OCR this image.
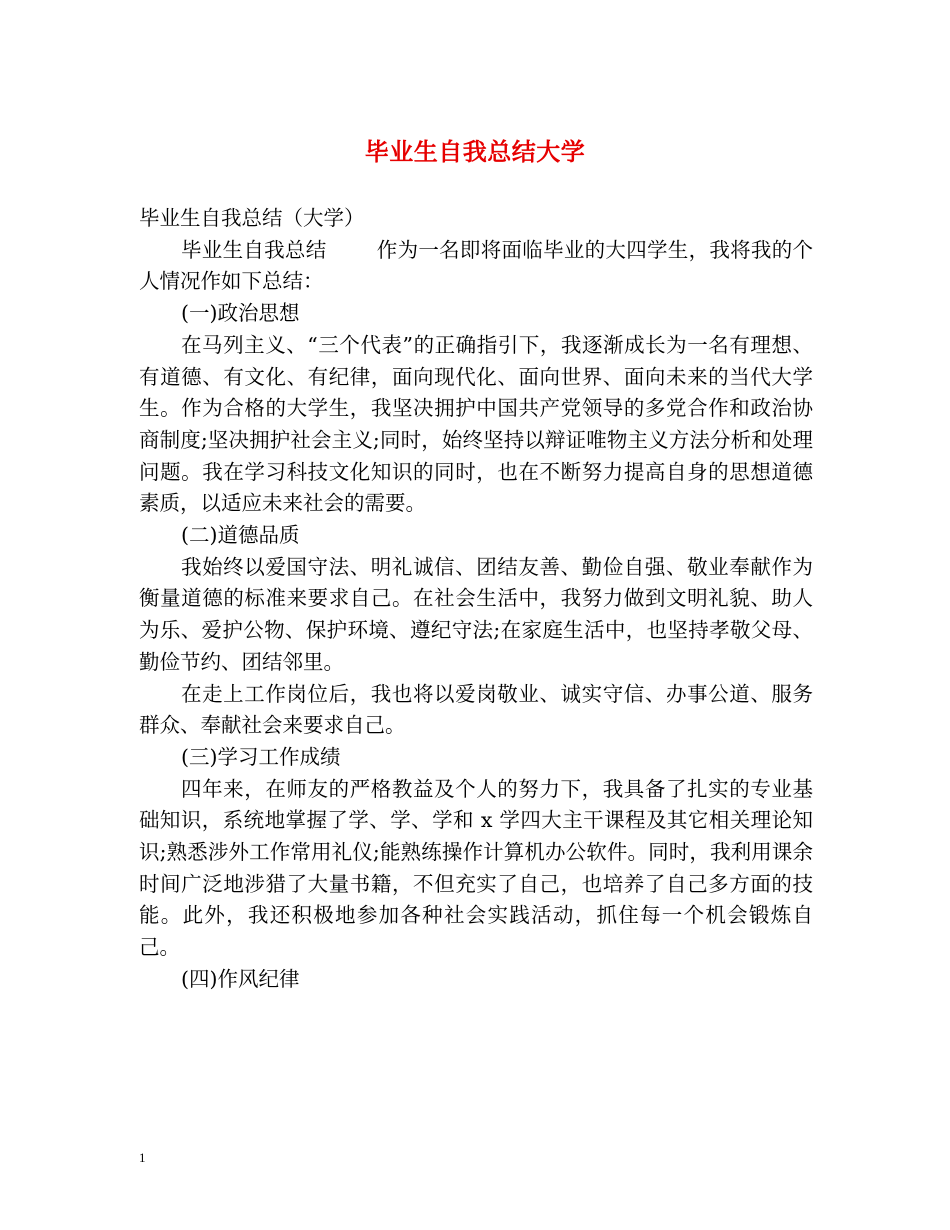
毕业生自我总结大学

毕业生自我总结（大学）

毕业生自我总结 作为一名即将面临毕业的大四学生，我将我的个人情况作如下总结：

(一)政治思想

在马列主义、“三个代表”的正确指引下，我逐渐成长为一名有理想、有道德、有文化、有纪律，面向现代化、面向世界、面向未来的当代大学生。作为合格的大学生，我坚决拥护中国共产党领导的多党合作和政治协商制度;坚决拥护社会主义;同时，始终坚持以辩证唯物主义方法分析和处理问题。我在学习科技文化知识的同时，也在不断努力提高自身的思想道德素质，以适应未来社会的需要。

(二)道德品质

我始终以爱国守法、明礼诚信、团结友善、勤俭自强、敬业奉献作为衡量道德的标准来要求自己。在社会生活中，我努力做到文明礼貌、助人为乐、爱护公物、保护环境、遵纪守法;在家庭生活中，也坚持孝敬父母、勤俭节约、团结邻里。

在走上工作岗位后，我也将以爱岗敬业、诚实守信、办事公道、服务群众、奉献社会来要求自己。

(三)学习工作成绩

四年来，在师友的严格教益及个人的努力下，我具备了扎实的专业基础知识，系统地掌握了学、学、学和 x 学四大主干课程及其它相关理论知识;熟悉涉外工作常用礼仪;能熟练操作计算机办公软件。同时，我利用课余时间广泛地涉猎了大量书籍，不但充实了自己，也培养了自己多方面的技能。此外，我还积极地参加各种社会实践活动，抓住每一个机会锻炼自己。

(四)作风纪律

1
